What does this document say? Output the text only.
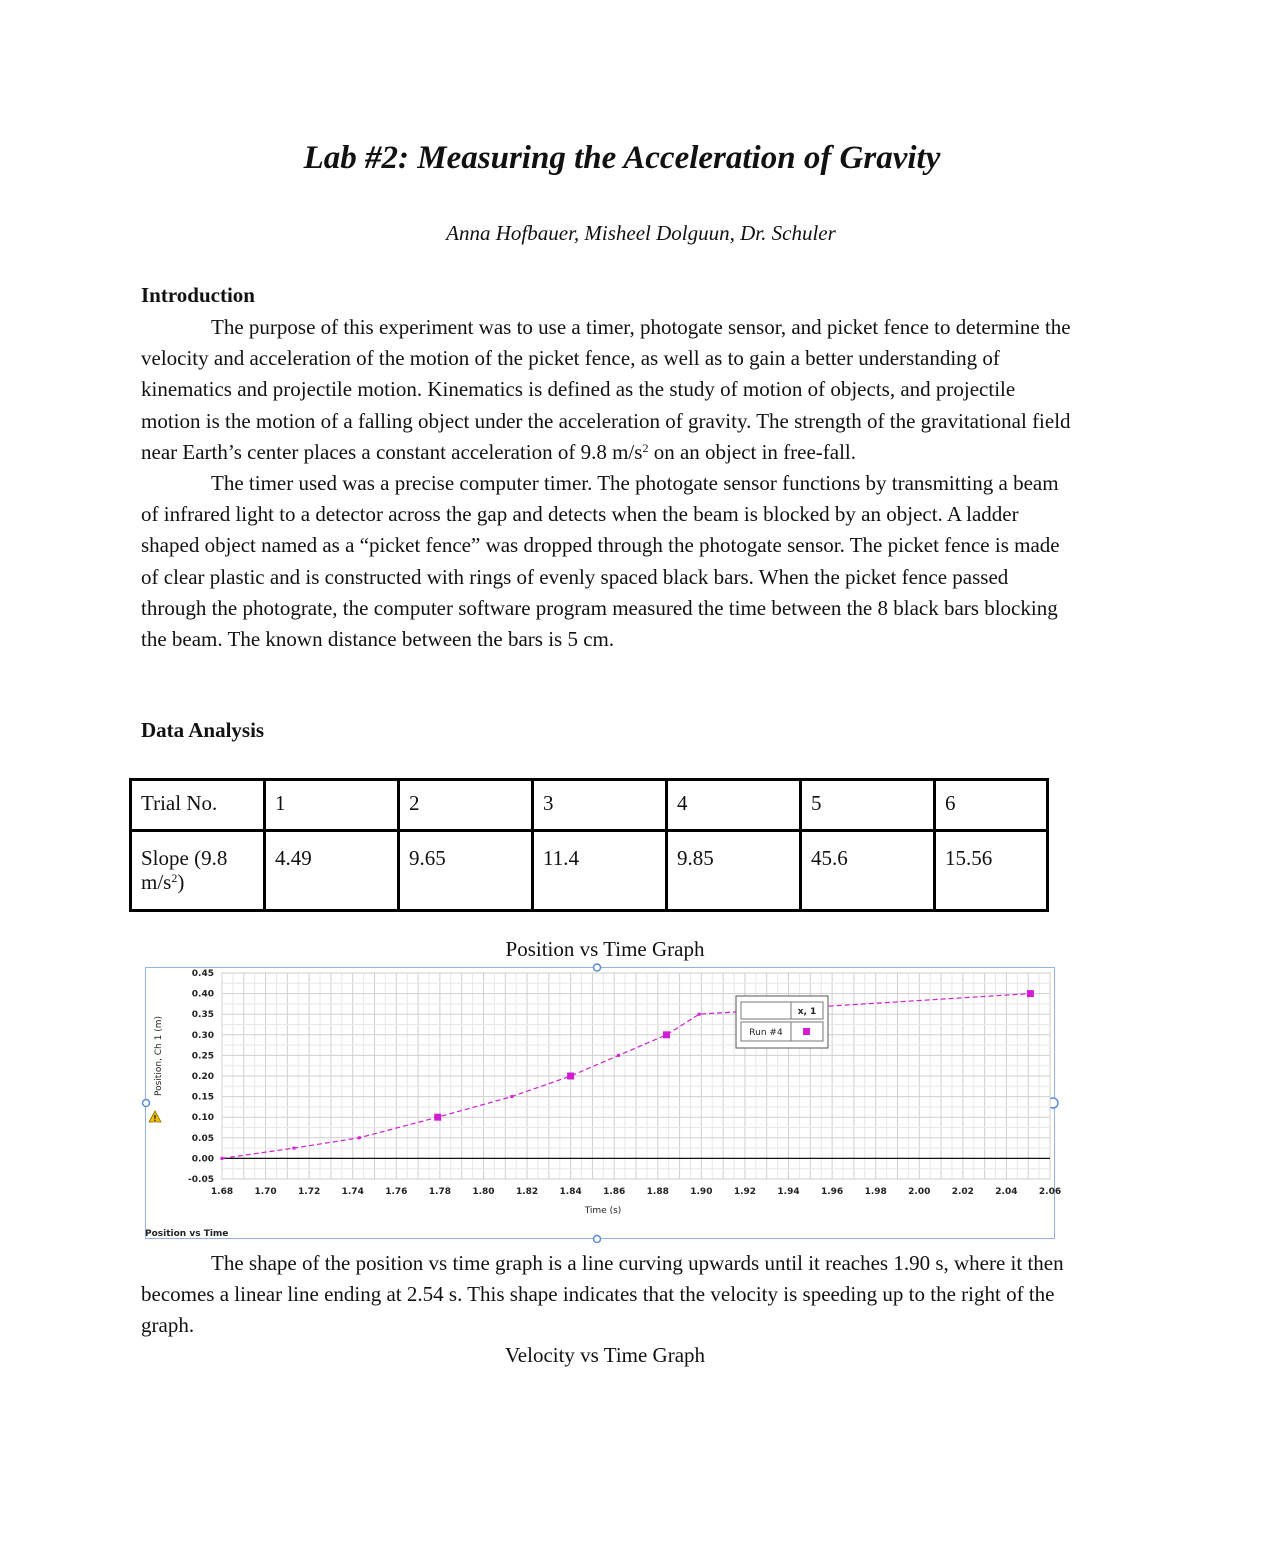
Lab #2: Measuring the Acceleration of Gravity
Anna Hofbauer, Misheel Dolguun, Dr. Schuler
Introduction
The purpose of this experiment was to use a timer, photogate sensor, and picket fence to determine the velocity and acceleration of the motion of the picket fence, as well as to gain a better understanding of kinematics and projectile motion. Kinematics is defined as the study of motion of objects, and projectile motion is the motion of a falling object under the acceleration of gravity. The strength of the gravitational field near Earth’s center places a constant acceleration of 9.8 $m/s^2$ on an object in free-fall.
The timer used was a precise computer timer. The photogate sensor functions by transmitting a beam of infrared light to a detector across the gap and detects when the beam is blocked by an object. A ladder shaped object named as a “picket fence” was dropped through the photogate sensor. The picket fence is made of clear plastic and is constructed with rings of evenly spaced black bars. When the picket fence passed through the photograte, the computer software program measured the time between the 8 black bars blocking the beam. The known distance between the bars is 5 cm.
Data Analysis
Trial No.	1	2	3	4	5	6
Slope (9.8 $m/s^2$)	4.49	9.65	11.4	9.85	45.6	15.56
Position vs Time Graph
1.68 1.70 1.72 1.74 1.76 1.78 1.80 1.82 1.84 1.86 1.88 1.90 1.92 1.94 1.96 1.98 2.00 2.02 2.04 2.06
0.45
0.40
0.35
0.30
0.25
0.20
0.15
0.10
0.05
0.00
-0.05
Position, Ch 1 (m)
!
Time (s)
Position vs Time
x, 1
Run #4
The shape of the position vs time graph is a line curving upwards until it reaches 1.90 s, where it then becomes a linear line ending at 2.54 s. This shape indicates that the velocity is speeding up to the right of the graph.
Velocity vs Time Graph
